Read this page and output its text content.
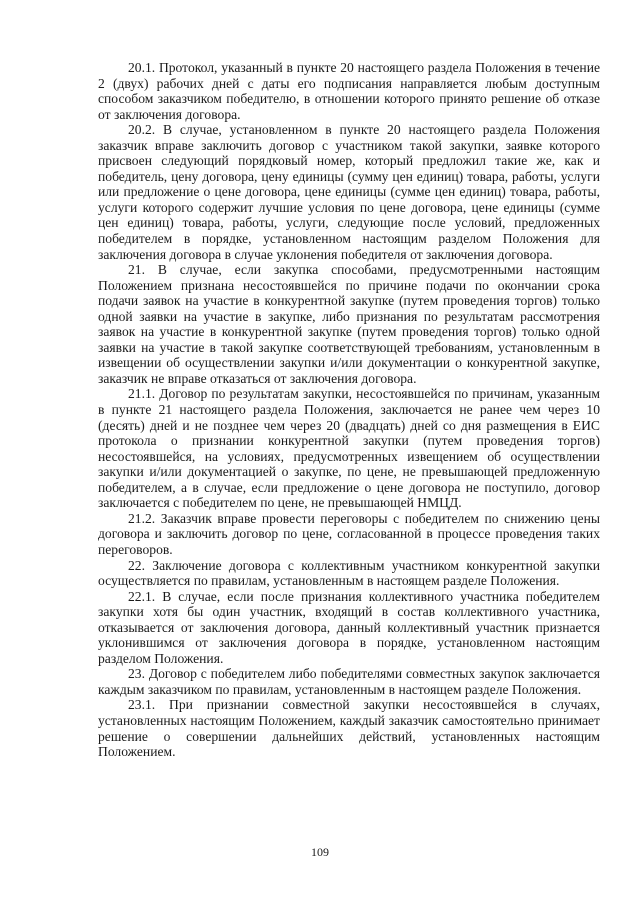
20.1. Протокол, указанный в пункте 20 настоящего раздела Положения в течение 2 (двух) рабочих дней с даты его подписания направляется любым доступным способом заказчиком победителю, в отношении которого принято решение об отказе от заключения договора.

20.2. В случае, установленном в пункте 20 настоящего раздела Положения заказчик вправе заключить договор с участником такой закупки, заявке которого присвоен следующий порядковый номер, который предложил такие же, как и победитель, цену договора, цену единицы (сумму цен единиц) товара, работы, услуги или предложение о цене договора, цене единицы (сумме цен единиц) товара, работы, услуги которого содержит лучшие условия по цене договора, цене единицы (сумме цен единиц) товара, работы, услуги, следующие после условий, предложенных победителем в порядке, установленном настоящим разделом Положения для заключения договора в случае уклонения победителя от заключения договора.

21. В случае, если закупка способами, предусмотренными настоящим Положением признана несостоявшейся по причине подачи по окончании срока подачи заявок на участие в конкурентной закупке (путем проведения торгов) только одной заявки на участие в закупке, либо признания по результатам рассмотрения заявок на участие в конкурентной закупке (путем проведения торгов) только одной заявки на участие в такой закупке соответствующей требованиям, установленным в извещении об осуществлении закупки и/или документации о конкурентной закупке, заказчик не вправе отказаться от заключения договора.

21.1. Договор по результатам закупки, несостоявшейся по причинам, указанным в пункте 21 настоящего раздела Положения, заключается не ранее чем через 10 (десять) дней и не позднее чем через 20 (двадцать) дней со дня размещения в ЕИС протокола о признании конкурентной закупки (путем проведения торгов) несостоявшейся, на условиях, предусмотренных извещением об осуществлении закупки и/или документацией о закупке, по цене, не превышающей предложенную победителем, а в случае, если предложение о цене договора не поступило, договор заключается с победителем по цене, не превышающей НМЦД.

21.2. Заказчик вправе провести переговоры с победителем по снижению цены договора и заключить договор по цене, согласованной в процессе проведения таких переговоров.

22. Заключение договора с коллективным участником конкурентной закупки осуществляется по правилам, установленным в настоящем разделе Положения.

22.1. В случае, если после признания коллективного участника победителем закупки хотя бы один участник, входящий в состав коллективного участника, отказывается от заключения договора, данный коллективный участник признается уклонившимся от заключения договора в порядке, установленном настоящим разделом Положения.

23. Договор с победителем либо победителями совместных закупок заключается каждым заказчиком по правилам, установленным в настоящем разделе Положения.

23.1. При признании совместной закупки несостоявшейся в случаях, установленных настоящим Положением, каждый заказчик самостоятельно принимает решение о совершении дальнейших действий, установленных настоящим Положением.

109
